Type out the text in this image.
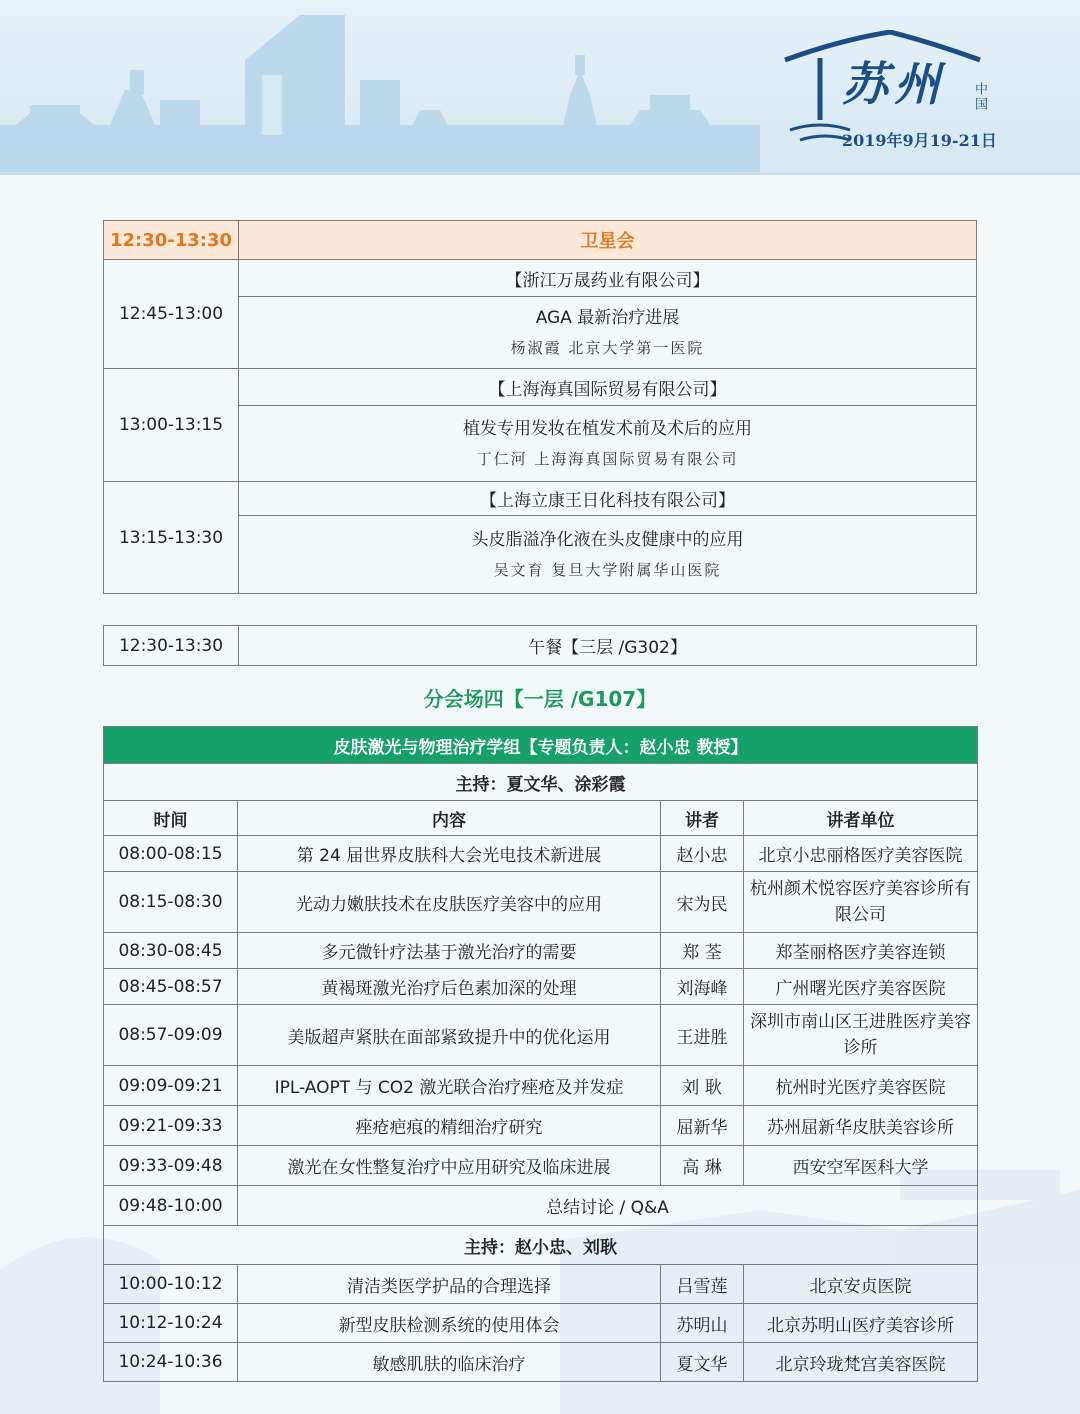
苏州 中国
2019年9月19-21日
12:30-13:30	卫星会
12:45-13:00	【浙江万晟药业有限公司】

	AGA 最新治疗进展
杨淑霞 北京大学第一医院

13:00-13:15	【上海海真国际贸易有限公司】

	植发专用发妆在植发术前及术后的应用
丁仁河 上海海真国际贸易有限公司

13:15-13:30	【上海立康王日化科技有限公司】

	头皮脂溢净化液在头皮健康中的应用
吴文育 复旦大学附属华山医院

12:30-13:30	午餐【三层 /G302】
分会场四【一层 /G107】
皮肤激光与物理治疗学组【专题负责人：赵小忠 教授】			
主持：夏文华、涂彩霞			
时间	内容	讲者	讲者单位
08:00-08:15	第 24 届世界皮肤科大会光电技术新进展	赵小忠	北京小忠丽格医疗美容医院
08:15-08:30	光动力嫩肤技术在皮肤医疗美容中的应用	宋为民	杭州颜术悦容医疗美容诊所有限公司
08:30-08:45	多元微针疗法基于激光治疗的需要	郑 荃	郑荃丽格医疗美容连锁
08:45-08:57	黄褐斑激光治疗后色素加深的处理	刘海峰	广州曙光医疗美容医院
08:57-09:09	美版超声紧肤在面部紧致提升中的优化运用	王进胜	深圳市南山区王进胜医疗美容诊所
09:09-09:21	IPL-AOPT 与 CO2 激光联合治疗痤疮及并发症	刘 耿	杭州时光医疗美容医院
09:21-09:33	痤疮疤痕的精细治疗研究	屈新华	苏州屈新华皮肤美容诊所
09:33-09:48	激光在女性整复治疗中应用研究及临床进展	高 琳	西安空军医科大学
09:48-10:00	总结讨论 / Q&A		
主持：赵小忠、刘耿			
10:00-10:12	清洁类医学护品的合理选择	吕雪莲	北京安贞医院
10:12-10:24	新型皮肤检测系统的使用体会	苏明山	北京苏明山医疗美容诊所
10:24-10:36	敏感肌肤的临床治疗	夏文华	北京玲珑梵宫美容医院
